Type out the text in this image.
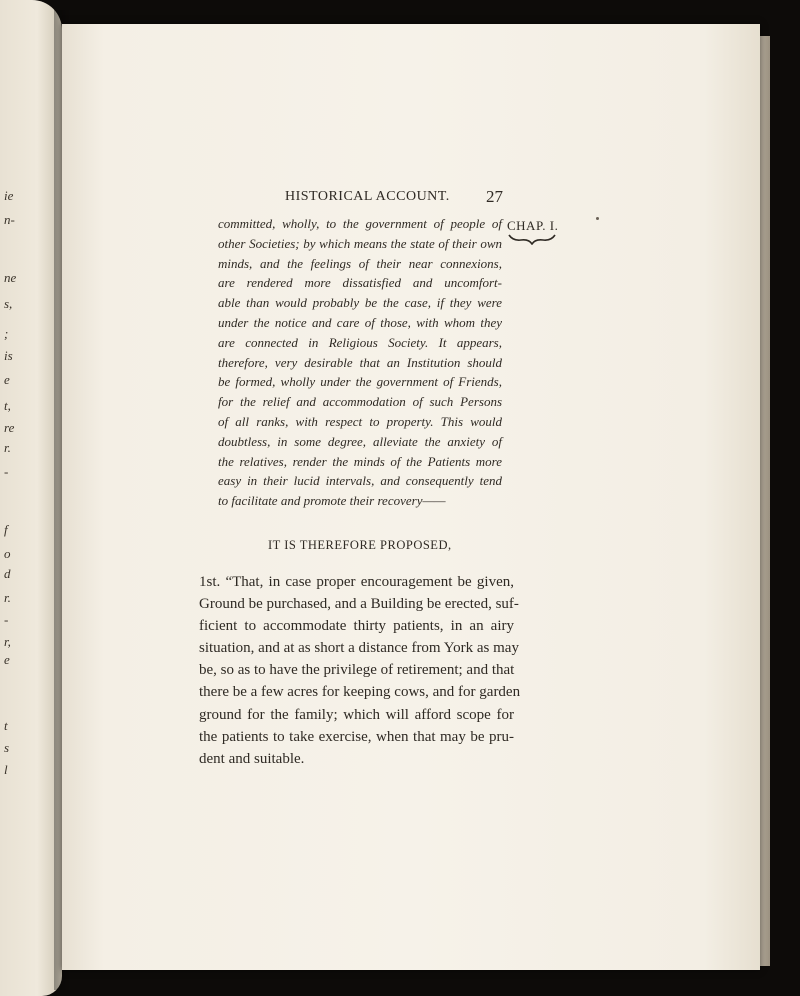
ie
n-
ne
s,
;
is
e
t,
re
r.
-
f
o
d
r.
-
r,
e
t
s
l
HISTORICAL ACCOUNT. 27
CHAP. I.
committed, wholly, to the government of people of
other Societies; by which means the state of their own
minds, and the feelings of their near connexions,
are rendered more dissatisfied and uncomfort-
able than would probably be the case, if they were
under the notice and care of those, with whom they
are connected in Religious Society. It appears,
therefore, very desirable that an Institution should
be formed, wholly under the government of Friends,
for the relief and accommodation of such Persons
of all ranks, with respect to property. This would
doubtless, in some degree, alleviate the anxiety of
the relatives, render the minds of the Patients more
easy in their lucid intervals, and consequently tend
to facilitate and promote their recovery——
IT IS THEREFORE PROPOSED,
1st. “That, in case proper encouragement be given,
Ground be purchased, and a Building be erected, suf-
ficient to accommodate thirty patients, in an airy
situation, and at as short a distance from York as may
be, so as to have the privilege of retirement; and that
there be a few acres for keeping cows, and for garden
ground for the family; which will afford scope for
the patients to take exercise, when that may be pru-
dent and suitable.
